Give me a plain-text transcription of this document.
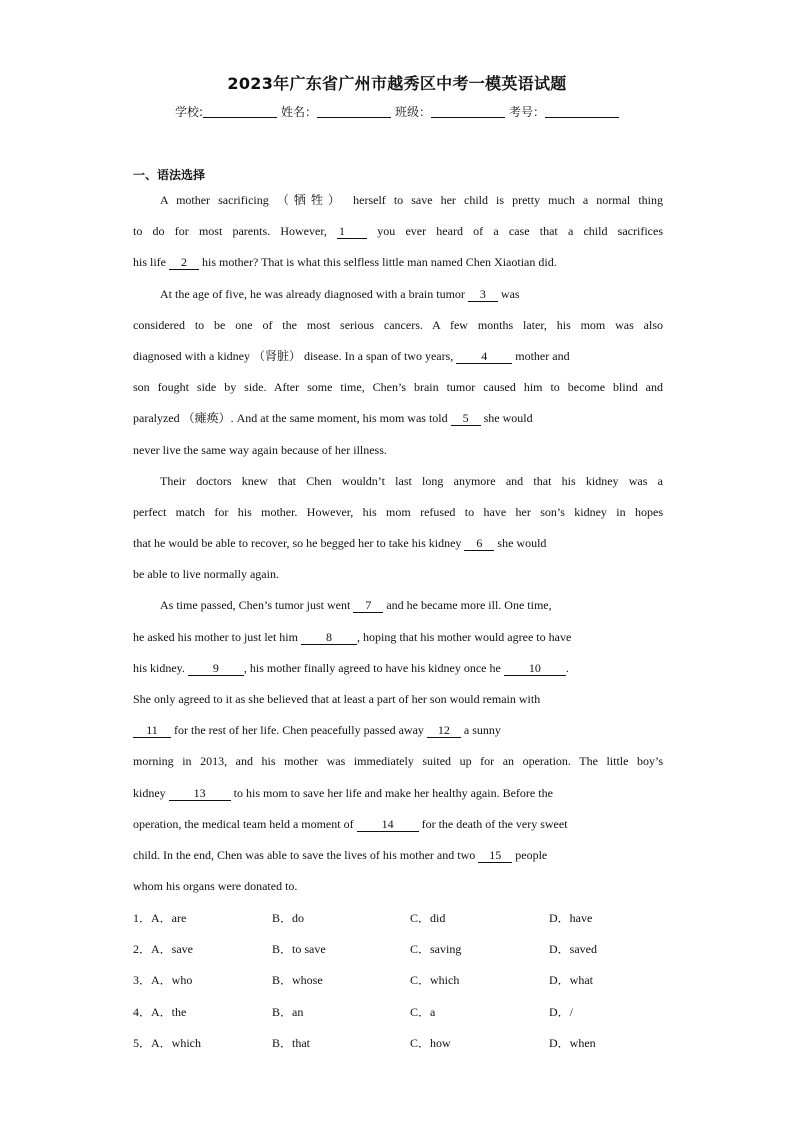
2023年广东省广州市越秀区中考一模英语试题
学校:	姓名：	班级：	考号：
一、语法选择
A mother sacrificing （牺牲） herself to save her child is pretty much a normal thing
to do for most parents. However, 1 you ever heard of a case that a child sacrifices
his life 2 his mother? That is what this selfless little man named Chen Xiaotian did.
At the age of five, he was already diagnosed with a brain tumor 3 was
considered to be one of the most serious cancers. A few months later, his mom was also
diagnosed with a kidney （肾脏） disease. In a span of two years, 4 mother and
son fought side by side. After some time, Chen’s brain tumor caused him to become blind and
paralyzed （瘫痪）. And at the same moment, his mom was told 5 she would
never live the same way again because of her illness.
Their doctors knew that Chen wouldn’t last long anymore and that his kidney was a
perfect match for his mother. However, his mom refused to have her son’s kidney in hopes
that he would be able to recover, so he begged her to take his kidney 6 she would
be able to live normally again.
As time passed, Chen’s tumor just went 7 and he became more ill. One time,
he asked his mother to just let him 8 , hoping that his mother would agree to have
his kidney. 9 , his mother finally agreed to have his kidney once he 10 .
She only agreed to it as she believed that at least a part of her son would remain with
11 for the rest of her life. Chen peacefully passed away 12 a sunny
morning in 2013, and his mother was immediately suited up for an operation. The little boy’s
kidney 13 to his mom to save her life and make her healthy again. Before the
operation, the medical team held a moment of 14 for the death of the very sweet
child. In the end, Chen was able to save the lives of his mother and two 15 people
whom his organs were donated to.
1．A．are	B．do	C．did	D．have
2．A．save	B．to save	C．saving	D．saved
3．A．who	B．whose	C．which	D．what
4．A．the	B．an	C．a	D．/
5．A．which	B．that	C．how	D．when
